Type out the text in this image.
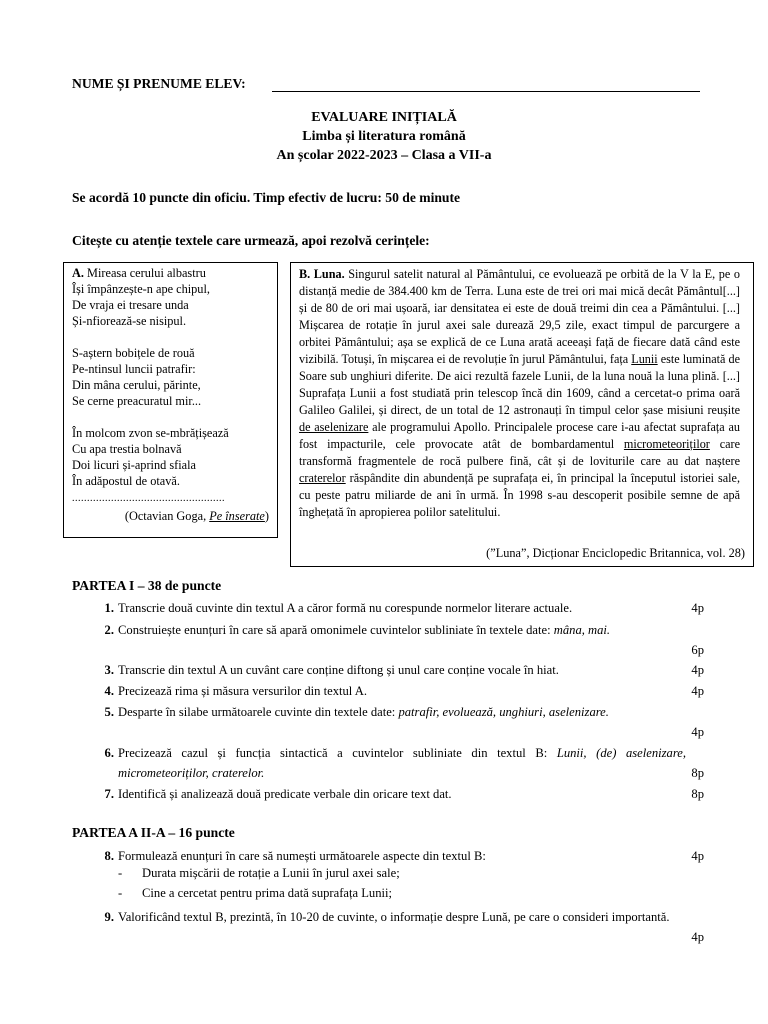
NUME ȘI PRENUME ELEV:
EVALUARE INIȚIALĂ
Limba și literatura română
An școlar 2022-2023 – Clasa a VII-a
Se acordă 10 puncte din oficiu. Timp efectiv de lucru: 50 de minute
Citește cu atenție textele care urmează, apoi rezolvă cerințele:
A. Mireasa cerului albastru
Își împânzește-n ape chipul,
De vraja ei tresare unda
Și-nfiorează-se nisipul.
S-aștern bobițele de rouă
Pe-ntinsul luncii patrafir:
Din mâna cerului, părinte,
Se cerne preacuratul mir...
În molcom zvon se-mbrățișează
Cu apa trestia bolnavă
Doi licuri și-aprind sfiala
În adăpostul de otavă.
...................................................
(Octavian Goga, Pe înserate)

B. Luna. Singurul satelit natural al Pământului, ce evoluează pe orbită de la V la E, pe o distanță medie de 384.400 km de Terra. Luna este de trei ori mai mică decât Pământul[...] și de 80 de ori mai ușoară, iar densitatea ei este de două treimi din cea a Pământului. [...] Mișcarea de rotație în jurul axei sale durează 29,5 zile, exact timpul de parcurgere a orbitei Pământului; așa se explică de ce Luna arată aceeași față de fiecare dată când este vizibilă. Totuși, în mișcarea ei de revoluție în jurul Pământului, fața Lunii este luminată de Soare sub unghiuri diferite. De aici rezultă fazele Lunii, de la luna nouă la luna plină. [...] Suprafața Lunii a fost studiată prin telescop încă din 1609, când a cercetat-o prima oară Galileo Galilei, și direct, de un total de 12 astronauți în timpul celor șase misiuni reușite de aselenizare ale programului Apollo. Principalele procese care i-au afectat suprafața au fost impacturile, cele provocate atât de bombardamentul micrometeoriților care transformă fragmentele de rocă pulbere fină, cât și de loviturile care au dat naștere craterelor răspândite din abundență pe suprafața ei, în principal la începutul istoriei sale, cu peste patru miliarde de ani în urmă. În 1998 s-au descoperit posibile semne de apă înghețată în apropierea polilor satelitului.

(”Luna”, Dicționar Enciclopedic Britannica, vol. 28)
PARTEA I – 38 de puncte
1. Transcrie două cuvinte din textul A a căror formă nu corespunde normelor literare actuale.	4p
2. Construiește enunțuri în care să apară omonimele cuvintelor subliniate în textele date: mâna, mai.
6p
3. Transcrie din textul A un cuvânt care conține diftong și unul care conține vocale în hiat.	4p
4. Precizează rima și măsura versurilor din textul A.	4p
5. Desparte în silabe următoarele cuvinte din textele date: patrafir, evoluează, unghiuri, aselenizare.
4p
6. Precizează cazul și funcția sintactică a cuvintelor subliniate din textul B: Lunii, (de) aselenizare, micrometeoriților, craterelor.	8p
7. Identifică și analizează două predicate verbale din oricare text dat.	8p
PARTEA A II-A – 16 puncte
8. Formulează enunțuri în care să numești următoarele aspecte din textul B:	4p
- Durata mișcării de rotație a Lunii în jurul axei sale;
- Cine a cercetat pentru prima dată suprafața Lunii;
9. Valorificând textul B, prezintă, în 10-20 de cuvinte, o informație despre Lună, pe care o consideri importantă.
4p
